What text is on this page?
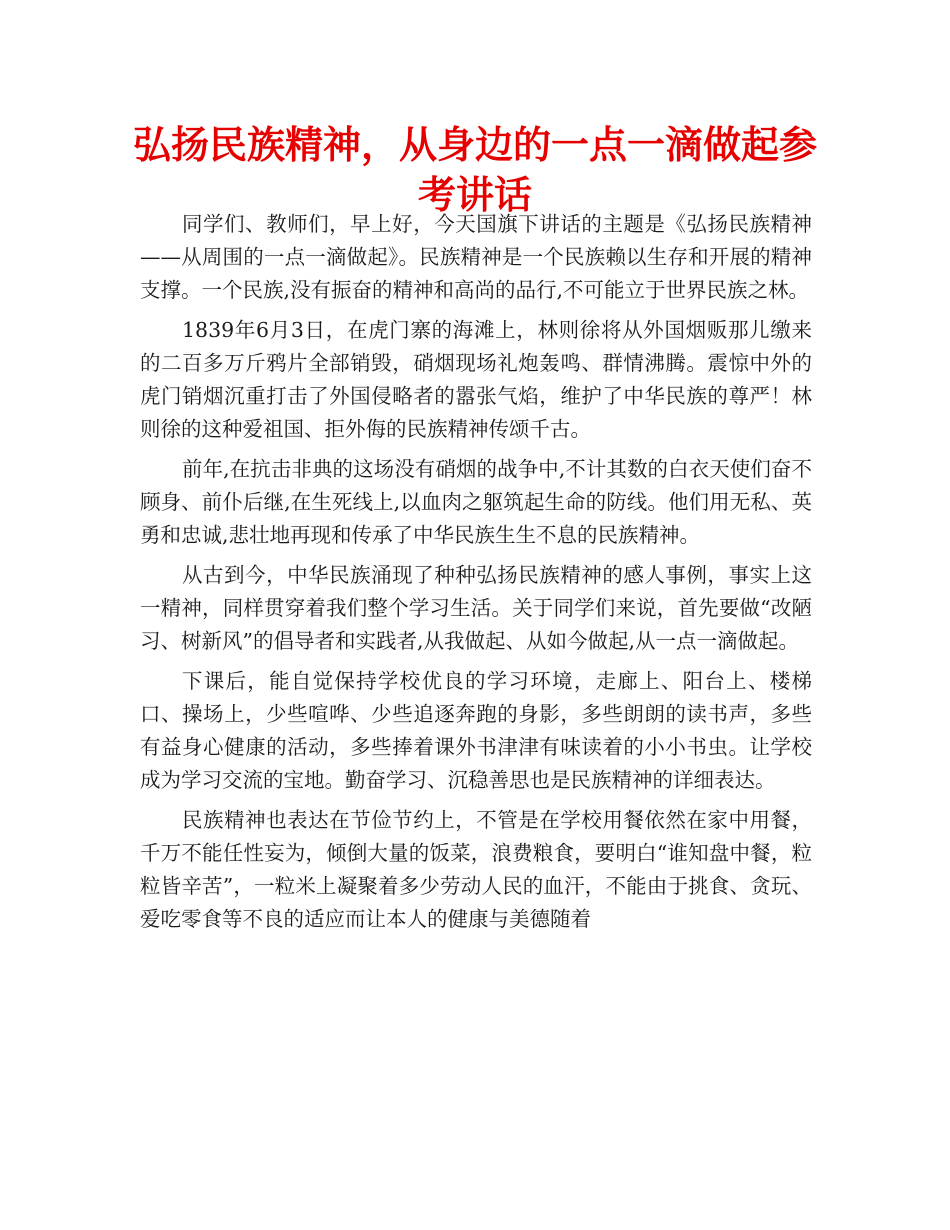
弘扬民族精神，从身边的一点一滴做起参
考讲话

同学们、教师们，早上好，今天国旗下讲话的主题是《弘扬民族精神——从周围的一点一滴做起》。民族精神是一个民族赖以生存和开展的精神支撑。一个民族,没有振奋的精神和高尚的品行,不可能立于世界民族之林。

1839年6月3日，在虎门寨的海滩上，林则徐将从外国烟贩那儿缴来的二百多万斤鸦片全部销毁，硝烟现场礼炮轰鸣、群情沸腾。震惊中外的虎门销烟沉重打击了外国侵略者的嚣张气焰，维护了中华民族的尊严！林则徐的这种爱祖国、拒外侮的民族精神传颂千古。

前年,在抗击非典的这场没有硝烟的战争中,不计其数的白衣天使们奋不顾身、前仆后继,在生死线上,以血肉之躯筑起生命的防线。他们用无私、英勇和忠诚,悲壮地再现和传承了中华民族生生不息的民族精神。

从古到今，中华民族涌现了种种弘扬民族精神的感人事例，事实上这一精神，同样贯穿着我们整个学习生活。关于同学们来说，首先要做“改陋习、树新风”的倡导者和实践者,从我做起、从如今做起,从一点一滴做起。

下课后，能自觉保持学校优良的学习环境，走廊上、阳台上、楼梯口、操场上，少些喧哗、少些追逐奔跑的身影，多些朗朗的读书声，多些有益身心健康的活动，多些捧着课外书津津有味读着的小小书虫。让学校成为学习交流的宝地。勤奋学习、沉稳善思也是民族精神的详细表达。

民族精神也表达在节俭节约上，不管是在学校用餐依然在家中用餐，千万不能任性妄为，倾倒大量的饭菜，浪费粮食，要明白“谁知盘中餐，粒粒皆辛苦”，一粒米上凝聚着多少劳动人民的血汗，不能由于挑食、贪玩、爱吃零食等不良的适应而让本人的健康与美德随着
